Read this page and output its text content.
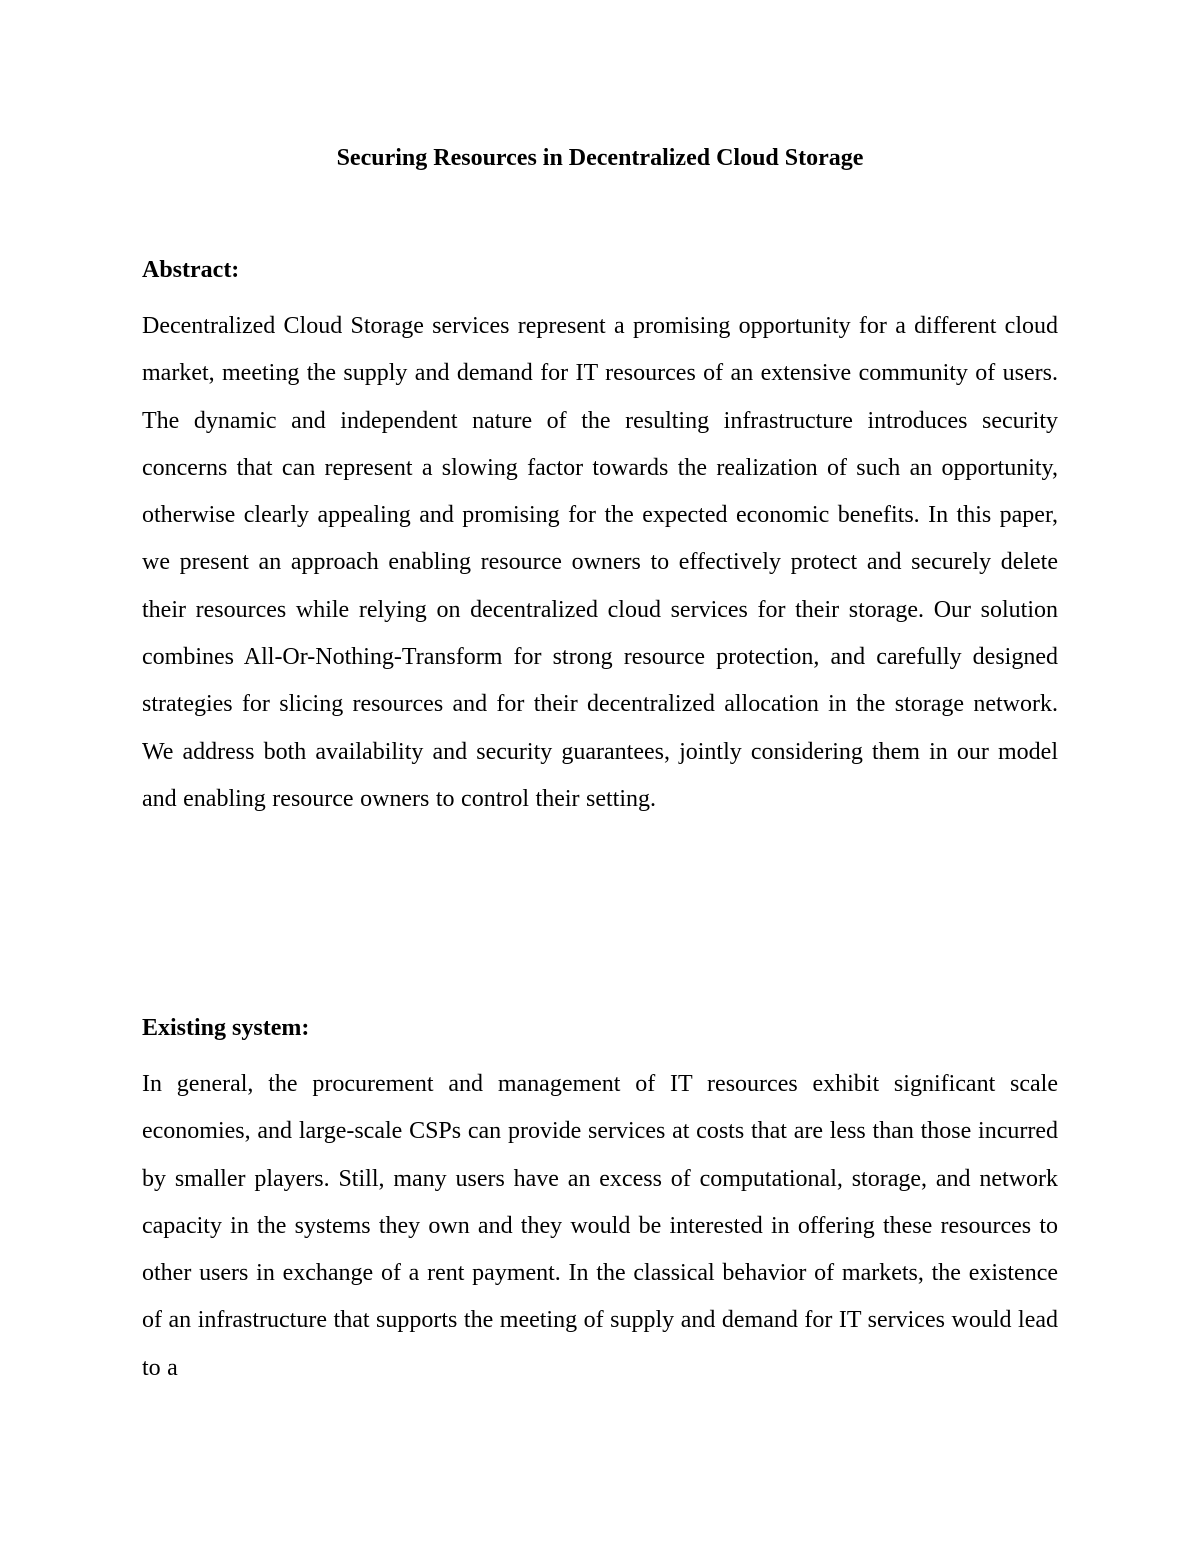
Securing Resources in Decentralized Cloud Storage
Abstract:

Decentralized Cloud Storage services represent a promising opportunity for a different cloud market, meeting the supply and demand for IT resources of an extensive community of users. The dynamic and independent nature of the resulting infrastructure introduces security concerns that can represent a slowing factor towards the realization of such an opportunity, otherwise clearly appealing and promising for the expected economic benefits. In this paper, we present an approach enabling resource owners to effectively protect and securely delete their resources while relying on decentralized cloud services for their storage. Our solution combines All-Or-Nothing-Transform for strong resource protection, and carefully designed strategies for slicing resources and for their decentralized allocation in the storage network. We address both availability and security guarantees, jointly considering them in our model and enabling resource owners to control their setting.

Existing system:

In general, the procurement and management of IT resources exhibit significant scale economies, and large-scale CSPs can provide services at costs that are less than those incurred by smaller players. Still, many users have an excess of computational, storage, and network capacity in the systems they own and they would be interested in offering these resources to other users in exchange of a rent payment. In the classical behavior of markets, the existence of an infrastructure that supports the meeting of supply and demand for IT services would lead to a
